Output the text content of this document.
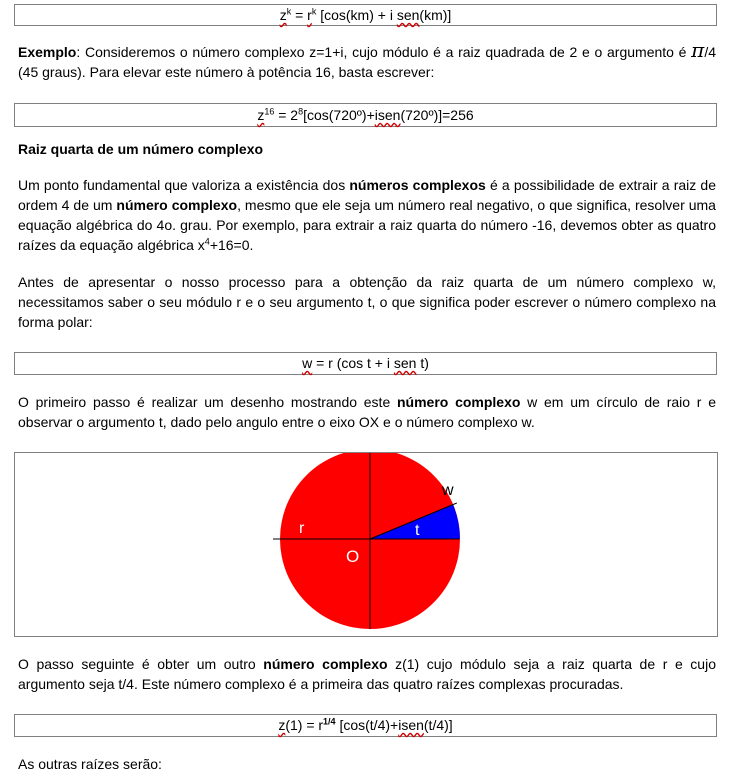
$z^k = r^k$ [cos(km) + i sen(km)]

Exemplo: Consideremos o número complexo z=1+i, cujo módulo é a raiz quadrada de 2 e o argumento é π/4 (45 graus). Para elevar este número à potência 16, basta escrever:

$z^{16}$ = $2^8[\cos(720º)+isen(720º)]=256$

Raiz quarta de um número complexo

Um ponto fundamental que valoriza a existência dos números complexos é a possibilidade de extrair a raiz de ordem 4 de um número complexo, mesmo que ele seja um número real negativo, o que significa, resolver uma equação algébrica do 4o. grau. Por exemplo, para extrair a raiz quarta do número -16, devemos obter as quatro raízes da equação algébrica $x^4+16=0$.

Antes de apresentar o nosso processo para a obtenção da raiz quarta de um número complexo w, necessitamos saber o seu módulo r e o seu argumento t, o que significa poder escrever o número complexo na forma polar:

w = r (cos t + i sen t)

O primeiro passo é realizar um desenho mostrando este número complexo w em um círculo de raio r e observar o argumento t, dado pelo angulo entre o eixo OX e o número complexo w.

r	t
w
O

O passo seguinte é obter um outro número complexo z(1) cujo módulo seja a raiz quarta de r e cujo argumento seja t/4. Este número complexo é a primeira das quatro raízes complexas procuradas.

$z(1) = r^{1/4}$ [cos(t/4)+isen(t/4)]

As outras raízes serão:
